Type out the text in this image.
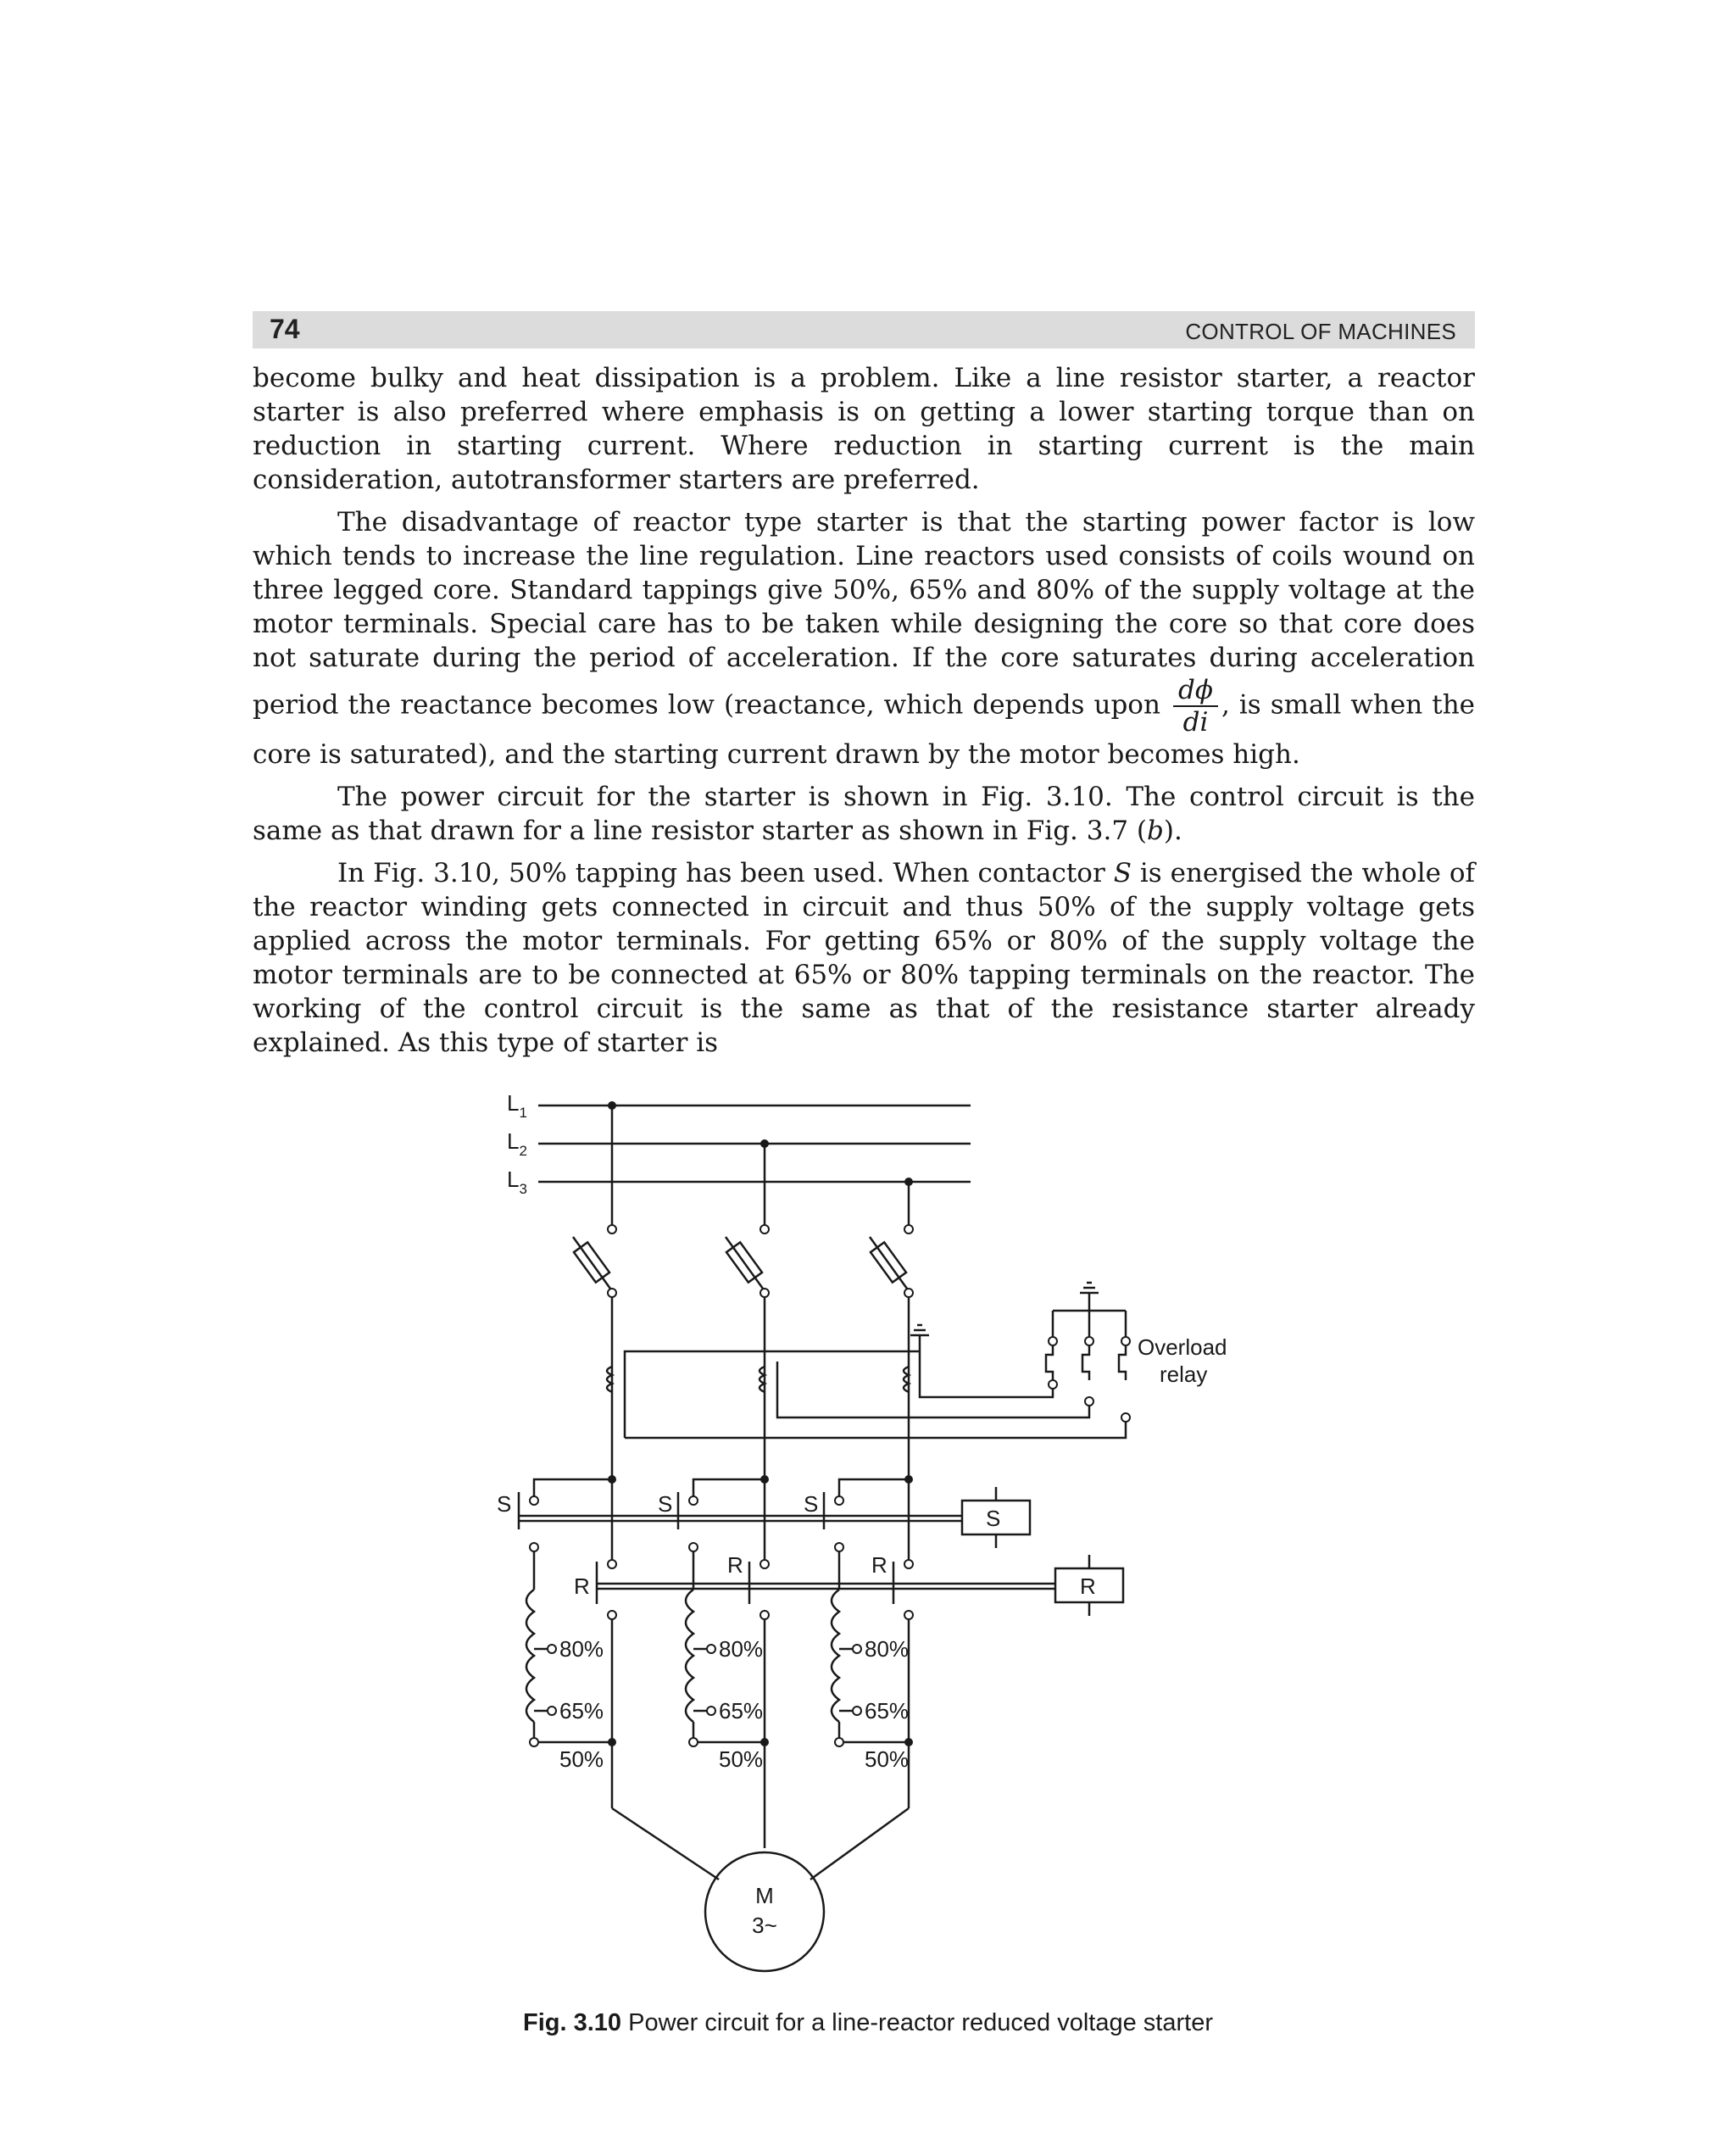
74	CONTROL OF MACHINES

become bulky and heat dissipation is a problem. Like a line resistor starter, a reactor starter is also preferred where emphasis is on getting a lower starting torque than on reduction in starting current. Where reduction in starting current is the main consideration, autotransformer starters are preferred.

The disadvantage of reactor type starter is that the starting power factor is low which tends to increase the line regulation. Line reactors used consists of coils wound on three legged core. Standard tappings give 50%, 65% and 80% of the supply voltage at the motor terminals. Special care has to be taken while designing the core so that core does not saturate during the period of acceleration. If the core saturates during acceleration period the reactance becomes low (reactance, which depends upon $\frac{d\phi}{di}$ , is small when the core is saturated), and the starting current drawn by the motor becomes high.

The power circuit for the starter is shown in Fig. 3.10. The control circuit is the same as that drawn for a line resistor starter as shown in Fig. 3.7 (b).

In Fig. 3.10, 50% tapping has been used. When contactor S is energised the whole of the reactor winding gets connected in circuit and thus 50% of the supply voltage gets applied across the motor terminals. For getting 65% or 80% of the supply voltage the motor terminals are to be connected at 65% or 80% tapping terminals on the reactor. The working of the control circuit is the same as that of the resistance starter already explained. As this type of starter is

$L_1$
$L_2$
$L_3$
Overload
relay
S	S	S
S
R
R	R
R
80%
65%
50%
80%
65%
50%
80%
65%
50%
M
3~
Fig. 3.10 Power circuit for a line-reactor reduced voltage starter
